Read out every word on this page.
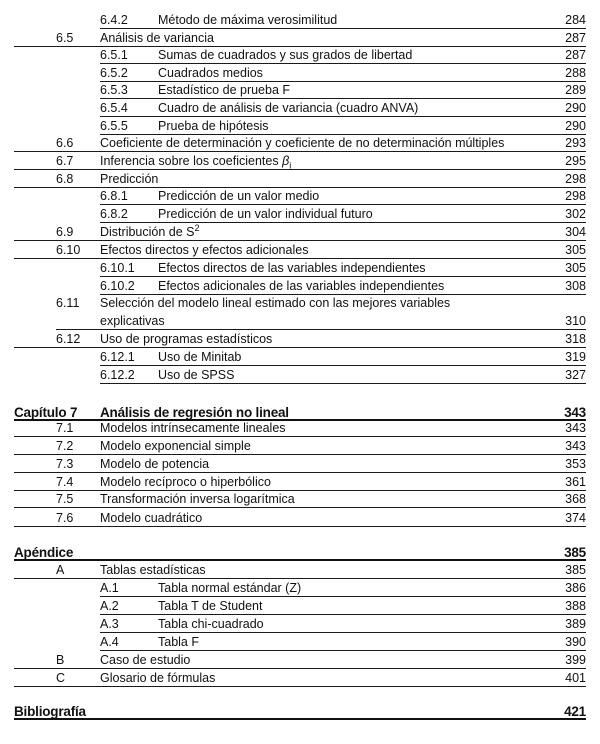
6.4.2 Método de máxima verosimilitud	284
6.5 Análisis de variancia	287
6.5.1 Sumas de cuadrados y sus grados de libertad	287
6.5.2 Cuadrados medios	288
6.5.3 Estadístico de prueba F	289
6.5.4 Cuadro de análisis de variancia (cuadro ANVA)	290
6.5.5 Prueba de hipótesis	290
6.6 Coeficiente de determinación y coeficiente de no determinación múltiples	293
6.7 Inferencia sobre los coeficientes $\beta_i$	295
6.8 Predicción	298
6.8.1 Predicción de un valor medio	298
6.8.2 Predicción de un valor individual futuro	302
6.9 Distribución de $S^2$	304
6.10 Efectos directos y efectos adicionales	305
6.10.1 Efectos directos de las variables independientes	305
6.10.2 Efectos adicionales de las variables independientes	308
6.11 Selección del modelo lineal estimado con las mejores variables
explicativas	310
6.12 Uso de programas estadísticos	318
6.12.1 Uso de Minitab	319
6.12.2 Uso de SPSS	327
Capítulo 7 Análisis de regresión no lineal	343
7.1 Modelos intrínsecamente lineales	343
7.2 Modelo exponencial simple	343
7.3 Modelo de potencia	353
7.4 Modelo recíproco o hiperbólico	361
7.5 Transformación inversa logarítmica	368
7.6 Modelo cuadrático	374
Apéndice	385
A	Tablas estadísticas	385
A.1	Tabla normal estándar (Z)	386
A.2	Tabla T de Student	388
A.3	Tabla chi-cuadrado	389
A.4	Tabla F	390
B	Caso de estudio	399
C	Glosario de fórmulas	401
Bibliografía	421
